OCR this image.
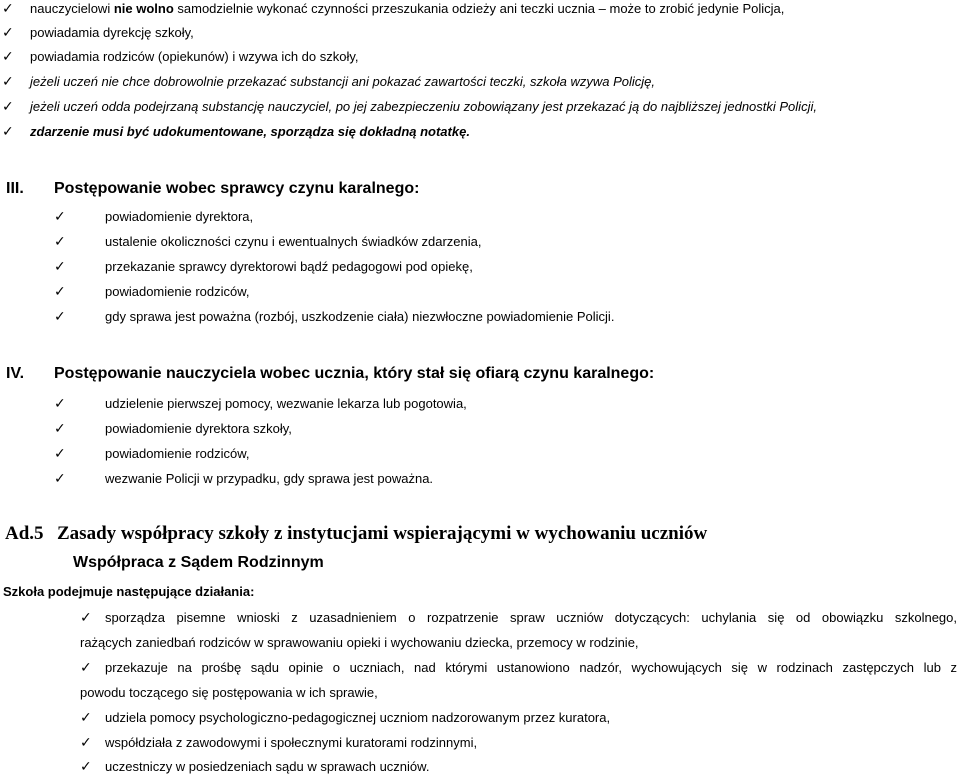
✓ nauczycielowi nie wolno samodzielnie wykonać czynności przeszukania odzieży ani teczki ucznia – może to zrobić jedynie Policja,
✓ powiadamia dyrekcję szkoły,
✓ powiadamia rodziców (opiekunów) i wzywa ich do szkoły,
✓ jeżeli uczeń nie chce dobrowolnie przekazać substancji ani pokazać zawartości teczki, szkoła wzywa Policję,
✓ jeżeli uczeń odda podejrzaną substancję nauczyciel, po jej zabezpieczeniu zobowiązany jest przekazać ją do najbliższej jednostki Policji,
✓ zdarzenie musi być udokumentowane, sporządza się dokładną notatkę.
III. Postępowanie wobec sprawcy czynu karalnego:
✓	powiadomienie dyrektora,
✓	ustalenie okoliczności czynu i ewentualnych świadków zdarzenia,
✓	przekazanie sprawcy dyrektorowi bądź pedagogowi pod opiekę,
✓	powiadomienie rodziców,
✓	gdy sprawa jest poważna (rozbój, uszkodzenie ciała) niezwłoczne powiadomienie Policji.
IV. Postępowanie nauczyciela wobec ucznia, który stał się ofiarą czynu karalnego:
✓	udzielenie pierwszej pomocy, wezwanie lekarza lub pogotowia,
✓	powiadomienie dyrektora szkoły,
✓	powiadomienie rodziców,
✓	wezwanie Policji w przypadku, gdy sprawa jest poważna.
Ad.5 Zasady współpracy szkoły z instytucjami wspierającymi w wychowaniu uczniów
Współpraca z Sądem Rodzinnym
Szkoła podejmuje następujące działania:
✓ sporządza pisemne wnioski z uzasadnieniem o rozpatrzenie spraw uczniów dotyczących: uchylania się od obowiązku szkolnego,
rażących zaniedbań rodziców w sprawowaniu opieki i wychowaniu dziecka, przemocy w rodzinie,
✓ przekazuje na prośbę sądu opinie o uczniach, nad którymi ustanowiono nadzór, wychowujących się w rodzinach zastępczych lub z
powodu toczącego się postępowania w ich sprawie,
✓ udziela pomocy psychologiczno-pedagogicznej uczniom nadzorowanym przez kuratora,
✓ współdziała z zawodowymi i społecznymi kuratorami rodzinnymi,
✓ uczestniczy w posiedzeniach sądu w sprawach uczniów.
